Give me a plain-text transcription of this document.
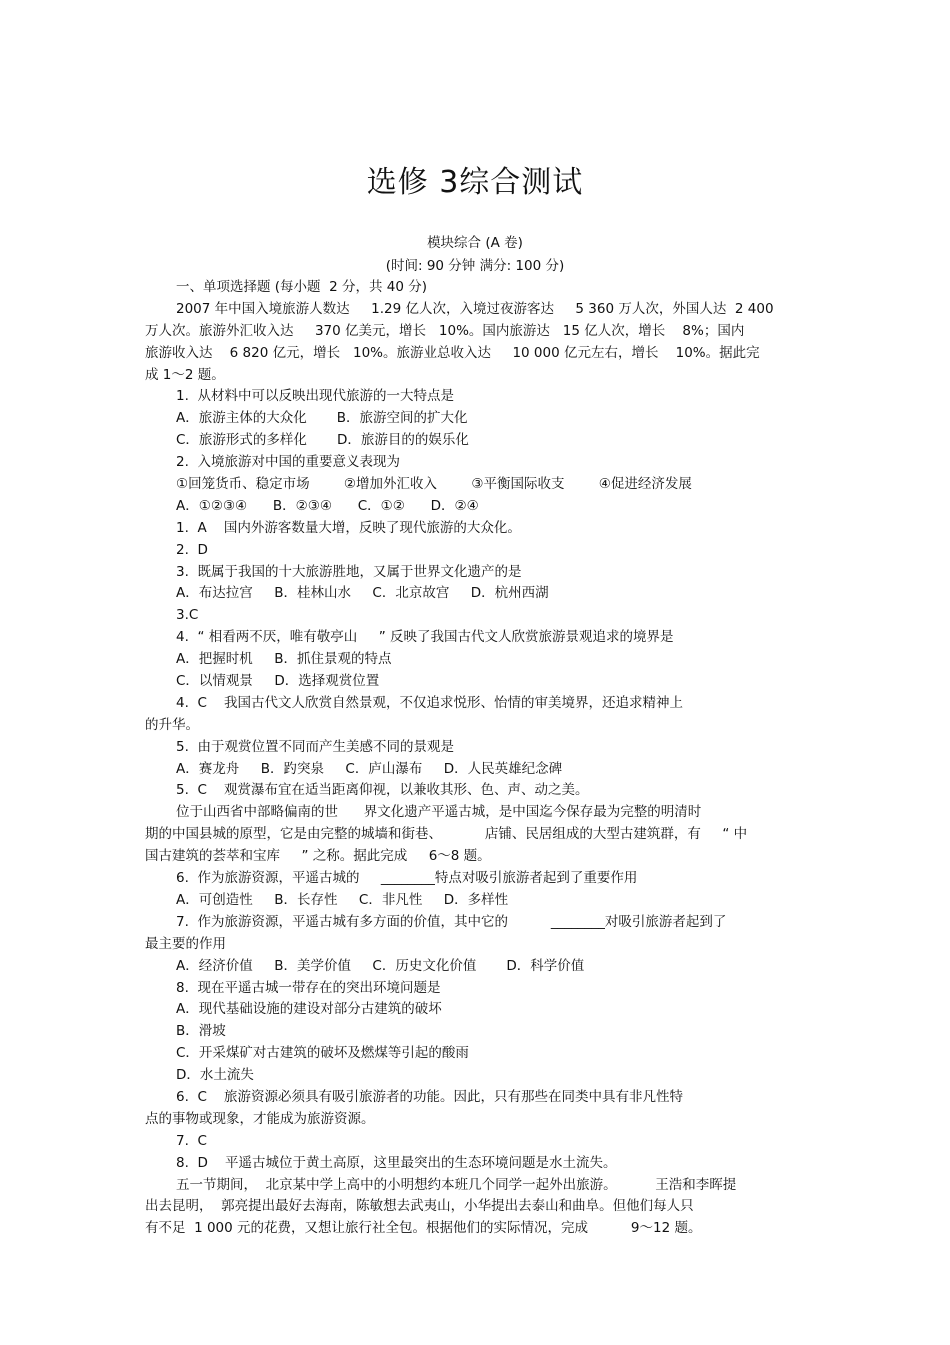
选修 3综合测试
模块综合 (A 卷)
(时间: 90 分钟 满分: 100 分)
一、单项选择题 (每小题  2 分，共 40 分)
2007 年中国入境旅游人数达     1.29 亿人次，入境过夜游客达     5 360 万人次，外国人达  2 400
万人次。旅游外汇收入达     370 亿美元，增长   10%。国内旅游达   15 亿人次，增长    8%；国内
旅游收入达    6 820 亿元，增长   10%。旅游业总收入达     10 000 亿元左右，增长    10%。据此完
成 1～2 题。
1.  从材料中可以反映出现代旅游的一大特点是
A．旅游主体的大众化       B．旅游空间的扩大化
C．旅游形式的多样化       D．旅游目的的娱乐化
2.  入境旅游对中国的重要意义表现为
①回笼货币、稳定市场        ②增加外汇收入        ③平衡国际收支        ④促进经济发展
A．①②③④      B．②③④      C．①②      D．②④
1.  A    国内外游客数量大增，反映了现代旅游的大众化。
2.  D
3.  既属于我国的十大旅游胜地，又属于世界文化遗产的是
A．布达拉宫     B．桂林山水     C．北京故宫     D．杭州西湖
3.C
4.  “ 相看两不厌，唯有敬亭山     ” 反映了我国古代文人欣赏旅游景观追求的境界是
A．把握时机     B．抓住景观的特点
C．以情观景     D．选择观赏位置
4.  C    我国古代文人欣赏自然景观，不仅追求悦形、怡情的审美境界，还追求精神上
的升华。
5.  由于观赏位置不同而产生美感不同的景观是
A．赛龙舟     B．趵突泉     C．庐山瀑布     D．人民英雄纪念碑
5.  C    观赏瀑布宜在适当距离仰视，以兼收其形、色、声、动之美。
位于山西省中部略偏南的世      界文化遗产平遥古城，是中国迄今保存最为完整的明清时
期的中国县城的原型，它是由完整的城墙和街巷、          店铺、民居组成的大型古建筑群，有     “ 中
国古建筑的荟萃和宝库     ” 之称。据此完成     6～8 题。
6.  作为旅游资源，平遥古城的     ________特点对吸引旅游者起到了重要作用
A．可创造性     B．长存性     C．非凡性     D．多样性
7.  作为旅游资源，平遥古城有多方面的价值，其中它的          ________对吸引旅游者起到了
最主要的作用
A．经济价值     B．美学价值     C．历史文化价值       D．科学价值
8.  现在平遥古城一带存在的突出环境问题是
A．现代基础设施的建设对部分古建筑的破坏
B．滑坡
C．开采煤矿对古建筑的破坏及燃煤等引起的酸雨
D．水土流失
6.  C    旅游资源必须具有吸引旅游者的功能。因此，只有那些在同类中具有非凡性特
点的事物或现象，才能成为旅游资源。
7.  C
8.  D    平遥古城位于黄土高原，这里最突出的生态环境问题是水土流失。
五一节期间，  北京某中学上高中的小明想约本班几个同学一起外出旅游。         王浩和李晖提
出去昆明，  郭亮提出最好去海南，陈敏想去武夷山，小华提出去泰山和曲阜。但他们每人只
有不足  1 000 元的花费，又想让旅行社全包。根据他们的实际情况，完成          9～12 题。
